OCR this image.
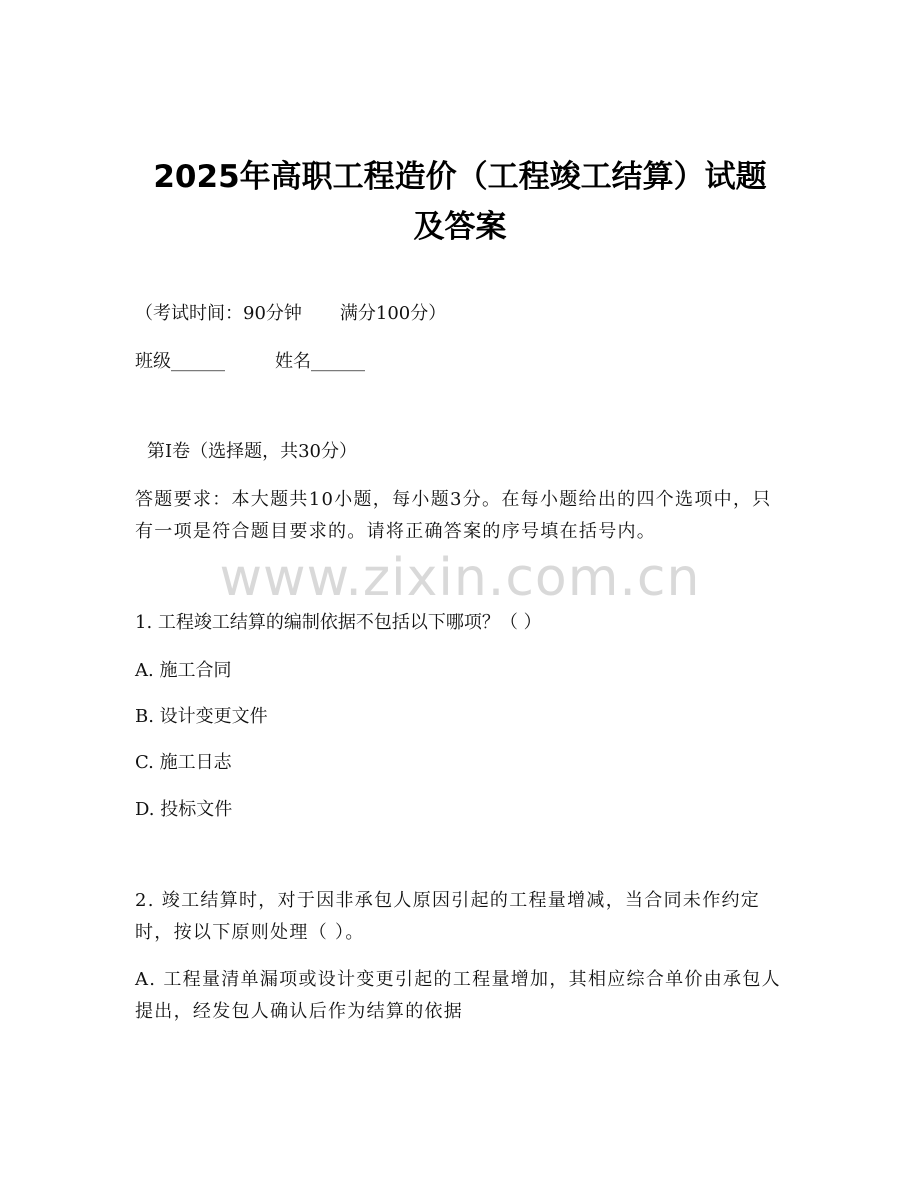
www.zixin.com.cn
2025年高职工程造价（工程竣工结算）试题
及答案
（考试时间：90分钟 满分100分）
班级______	姓名______
第I卷（选择题，共30分）
答题要求：本大题共10小题，每小题3分。在每小题给出的四个选项中，只有一项是符合题目要求的。请将正确答案的序号填在括号内。
1. 工程竣工结算的编制依据不包括以下哪项？（ ）
A. 施工合同
B. 设计变更文件
C. 施工日志
D. 投标文件
2. 竣工结算时，对于因非承包人原因引起的工程量增减，当合同未作约定时，按以下原则处理（ ）。
A. 工程量清单漏项或设计变更引起的工程量增加，其相应综合单价由承包人提出，经发包人确认后作为结算的依据
